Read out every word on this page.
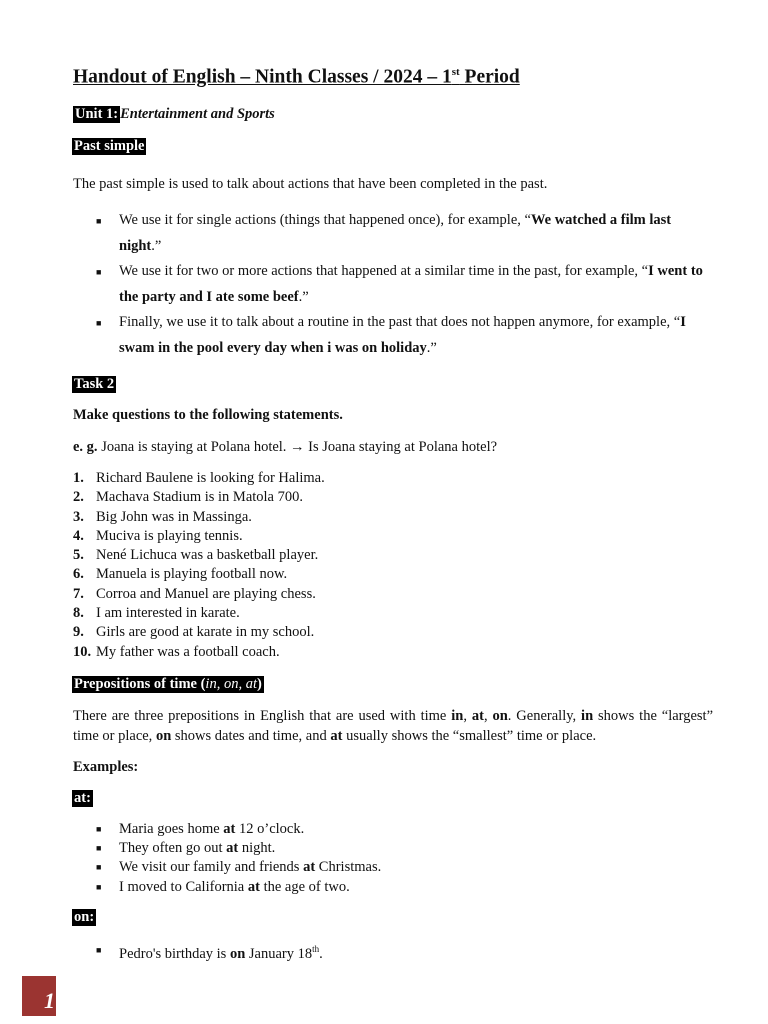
Handout of English – Ninth Classes / 2024 – 1st Period
Unit 1: Entertainment and Sports
Past simple
The past simple is used to talk about actions that have been completed in the past.
■ We use it for single actions (things that happened once), for example, “We watched a film last night.”
■ We use it for two or more actions that happened at a similar time in the past, for example, “I went to the party and I ate some beef.”
■ Finally, we use it to talk about a routine in the past that does not happen anymore, for example, “I swam in the pool every day when i was on holiday.”
Task 2
Make questions to the following statements.
e. g. Joana is staying at Polana hotel. → Is Joana staying at Polana hotel?
1. Richard Baulene is looking for Halima.
2. Machava Stadium is in Matola 700.
3. Big John was in Massinga.
4. Muciva is playing tennis.
5. Nené Lichuca was a basketball player.
6. Manuela is playing football now.
7. Corroa and Manuel are playing chess.
8. I am interested in karate.
9. Girls are good at karate in my school.
10. My father was a football coach.
Prepositions of time (in, on, at)
There are three prepositions in English that are used with time in, at, on. Generally, in shows the “largest” time or place, on shows dates and time, and at usually shows the “smallest” time or place.
Examples:
at:
■ Maria goes home at 12 o’clock.
■ They often go out at night.
■ We visit our family and friends at Christmas.
■ I moved to California at the age of two.
on:
■ Pedro's birthday is on January 18th.
1
